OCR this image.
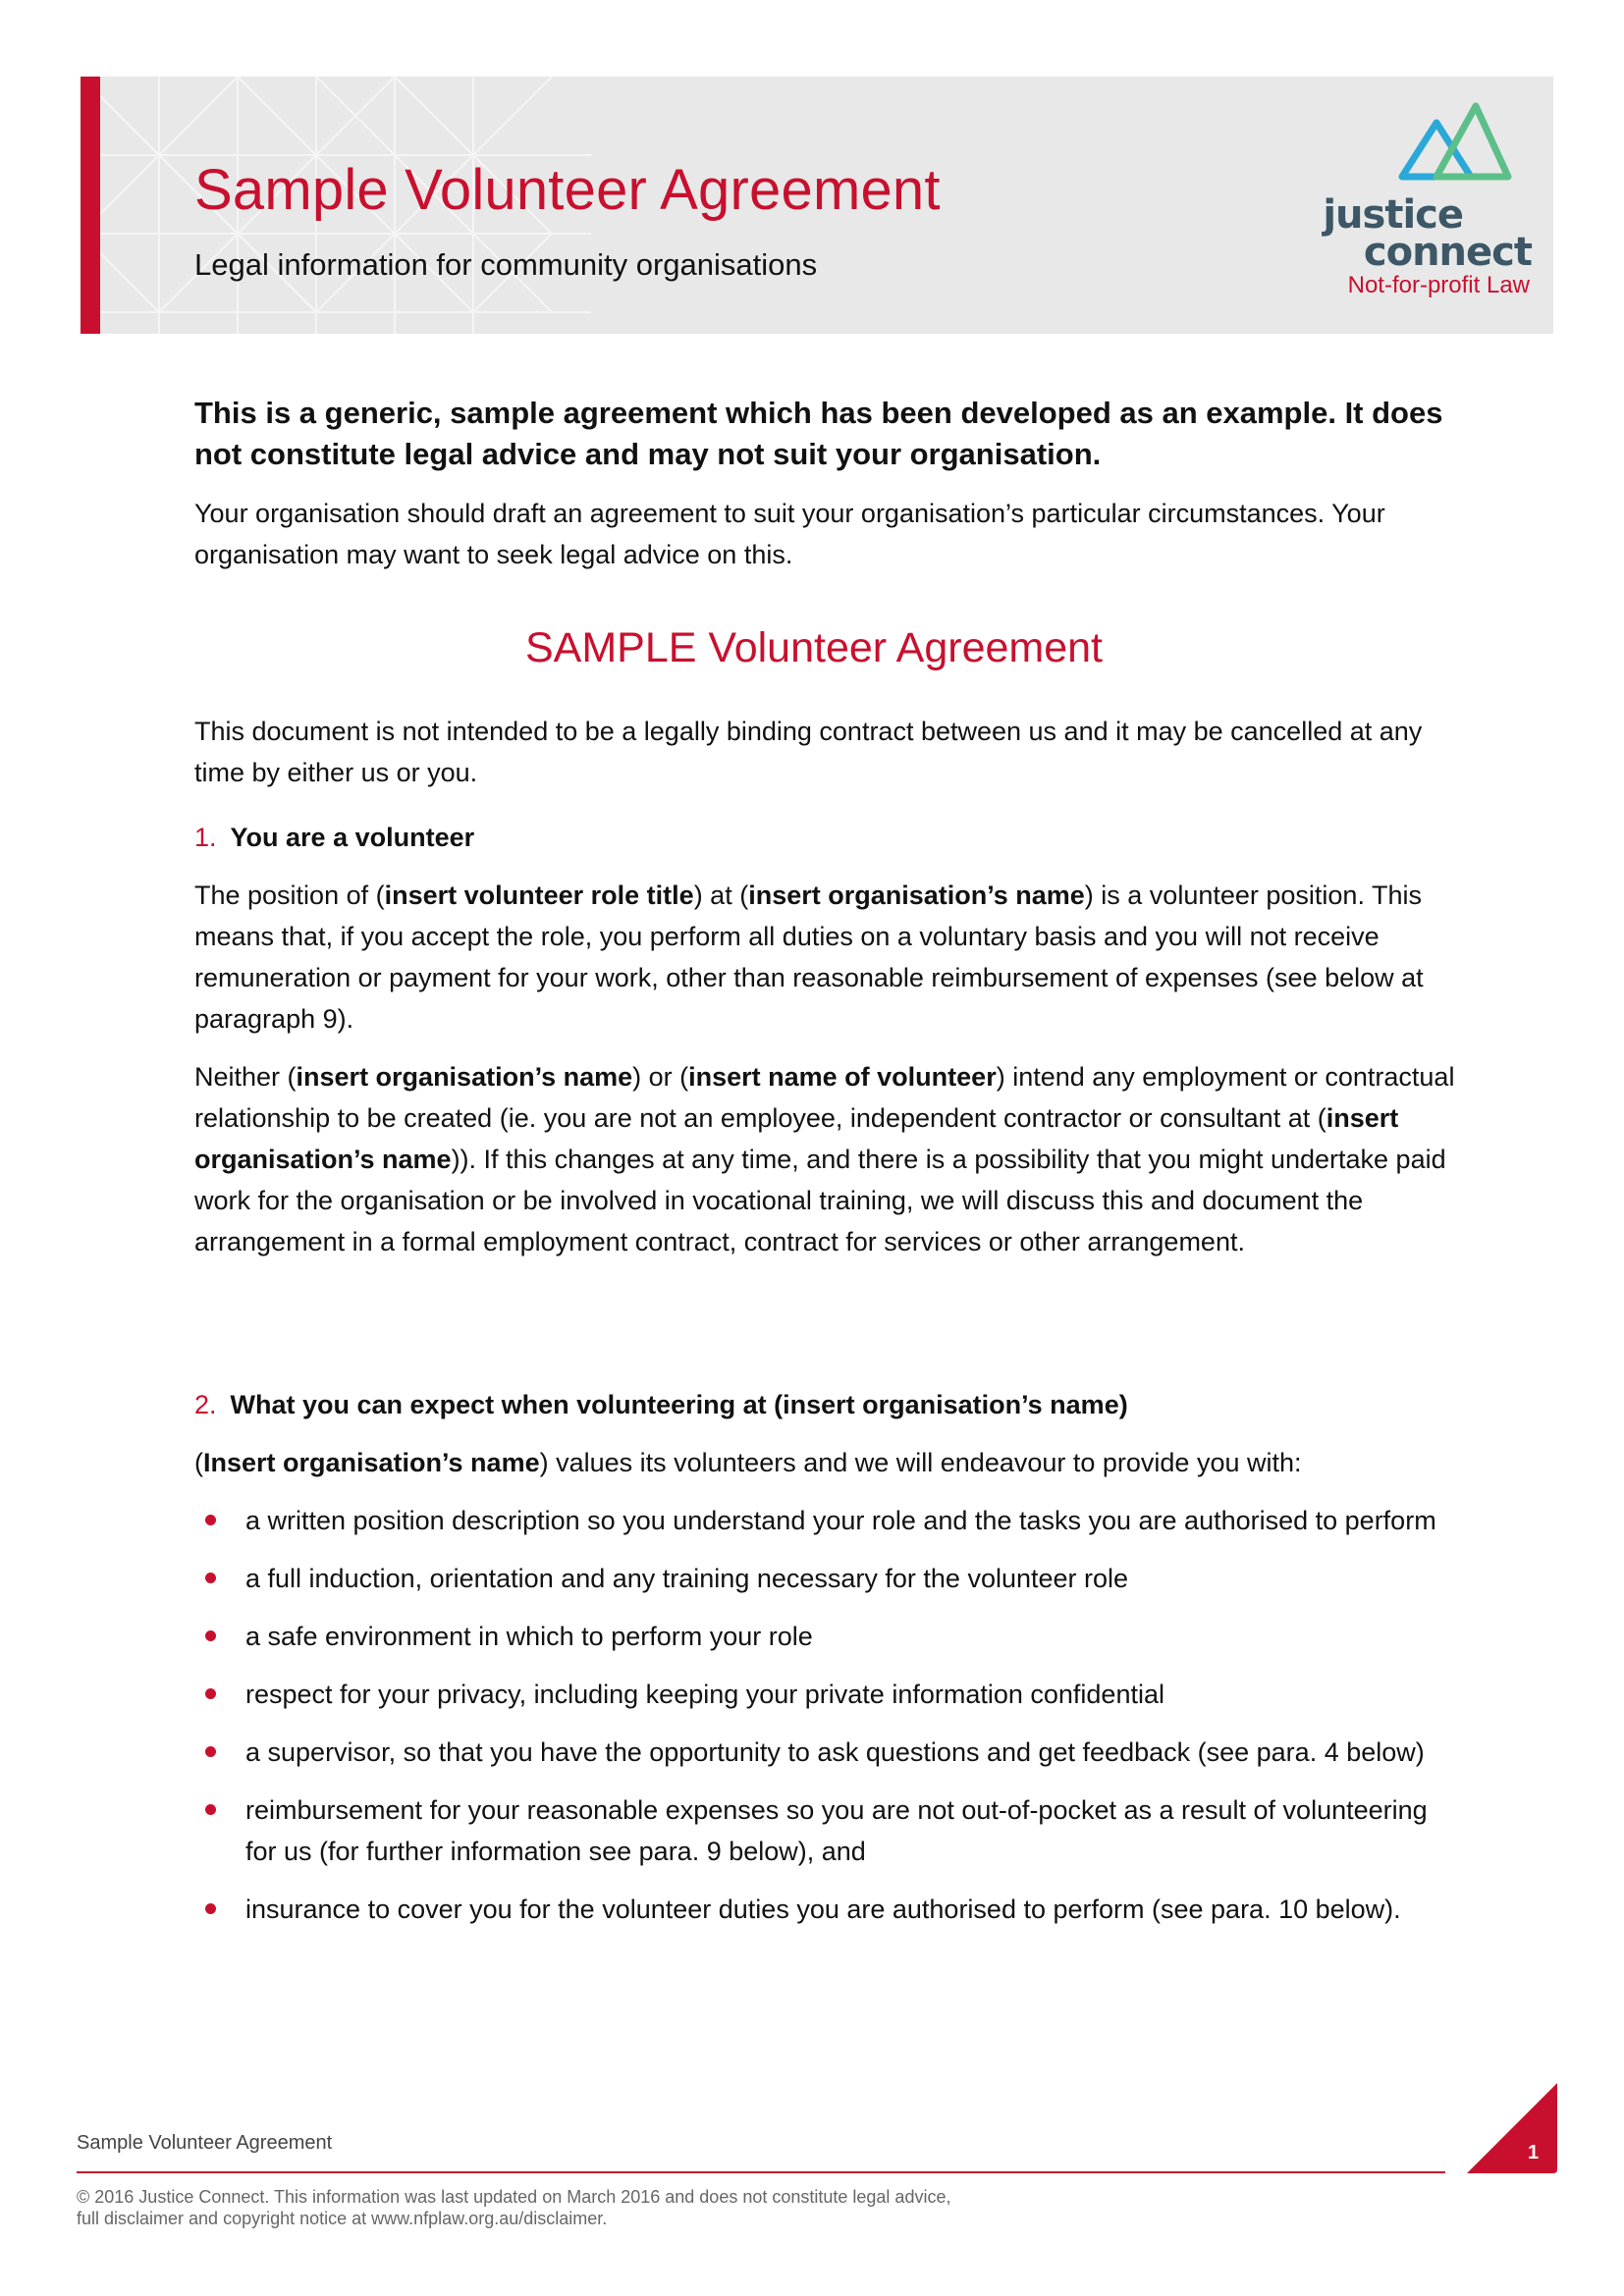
Sample Volunteer Agreement
Legal information for community organisations
justice
connect
Not-for-profit Law
This is a generic, sample agreement which has been developed as an example. It does not constitute legal advice and may not suit your organisation.
Your organisation should draft an agreement to suit your organisation’s particular circumstances. Your organisation may want to seek legal advice on this.
SAMPLE Volunteer Agreement
This document is not intended to be a legally binding contract between us and it may be cancelled at any time by either us or you.
1. You are a volunteer
The position of (insert volunteer role title) at (insert organisation’s name) is a volunteer position. This means that, if you accept the role, you perform all duties on a voluntary basis and you will not receive remuneration or payment for your work, other than reasonable reimbursement of expenses (see below at paragraph 9).
Neither (insert organisation’s name) or (insert name of volunteer) intend any employment or contractual relationship to be created (ie. you are not an employee, independent contractor or consultant at (insert organisation’s name)). If this changes at any time, and there is a possibility that you might undertake paid work for the organisation or be involved in vocational training, we will discuss this and document the arrangement in a formal employment contract, contract for services or other arrangement.
2. What you can expect when volunteering at (insert organisation’s name)
(Insert organisation’s name) values its volunteers and we will endeavour to provide you with:
a written position description so you understand your role and the tasks you are authorised to perform
a full induction, orientation and any training necessary for the volunteer role
a safe environment in which to perform your role
respect for your privacy, including keeping your private information confidential
a supervisor, so that you have the opportunity to ask questions and get feedback (see para. 4 below)
reimbursement for your reasonable expenses so you are not out-of-pocket as a result of volunteering for us (for further information see para. 9 below), and
insurance to cover you for the volunteer duties you are authorised to perform (see para. 10 below).
Sample Volunteer Agreement
© 2016 Justice Connect. This information was last updated on March 2016 and does not constitute legal advice, full disclaimer and copyright notice at www.nfplaw.org.au/disclaimer.
1
